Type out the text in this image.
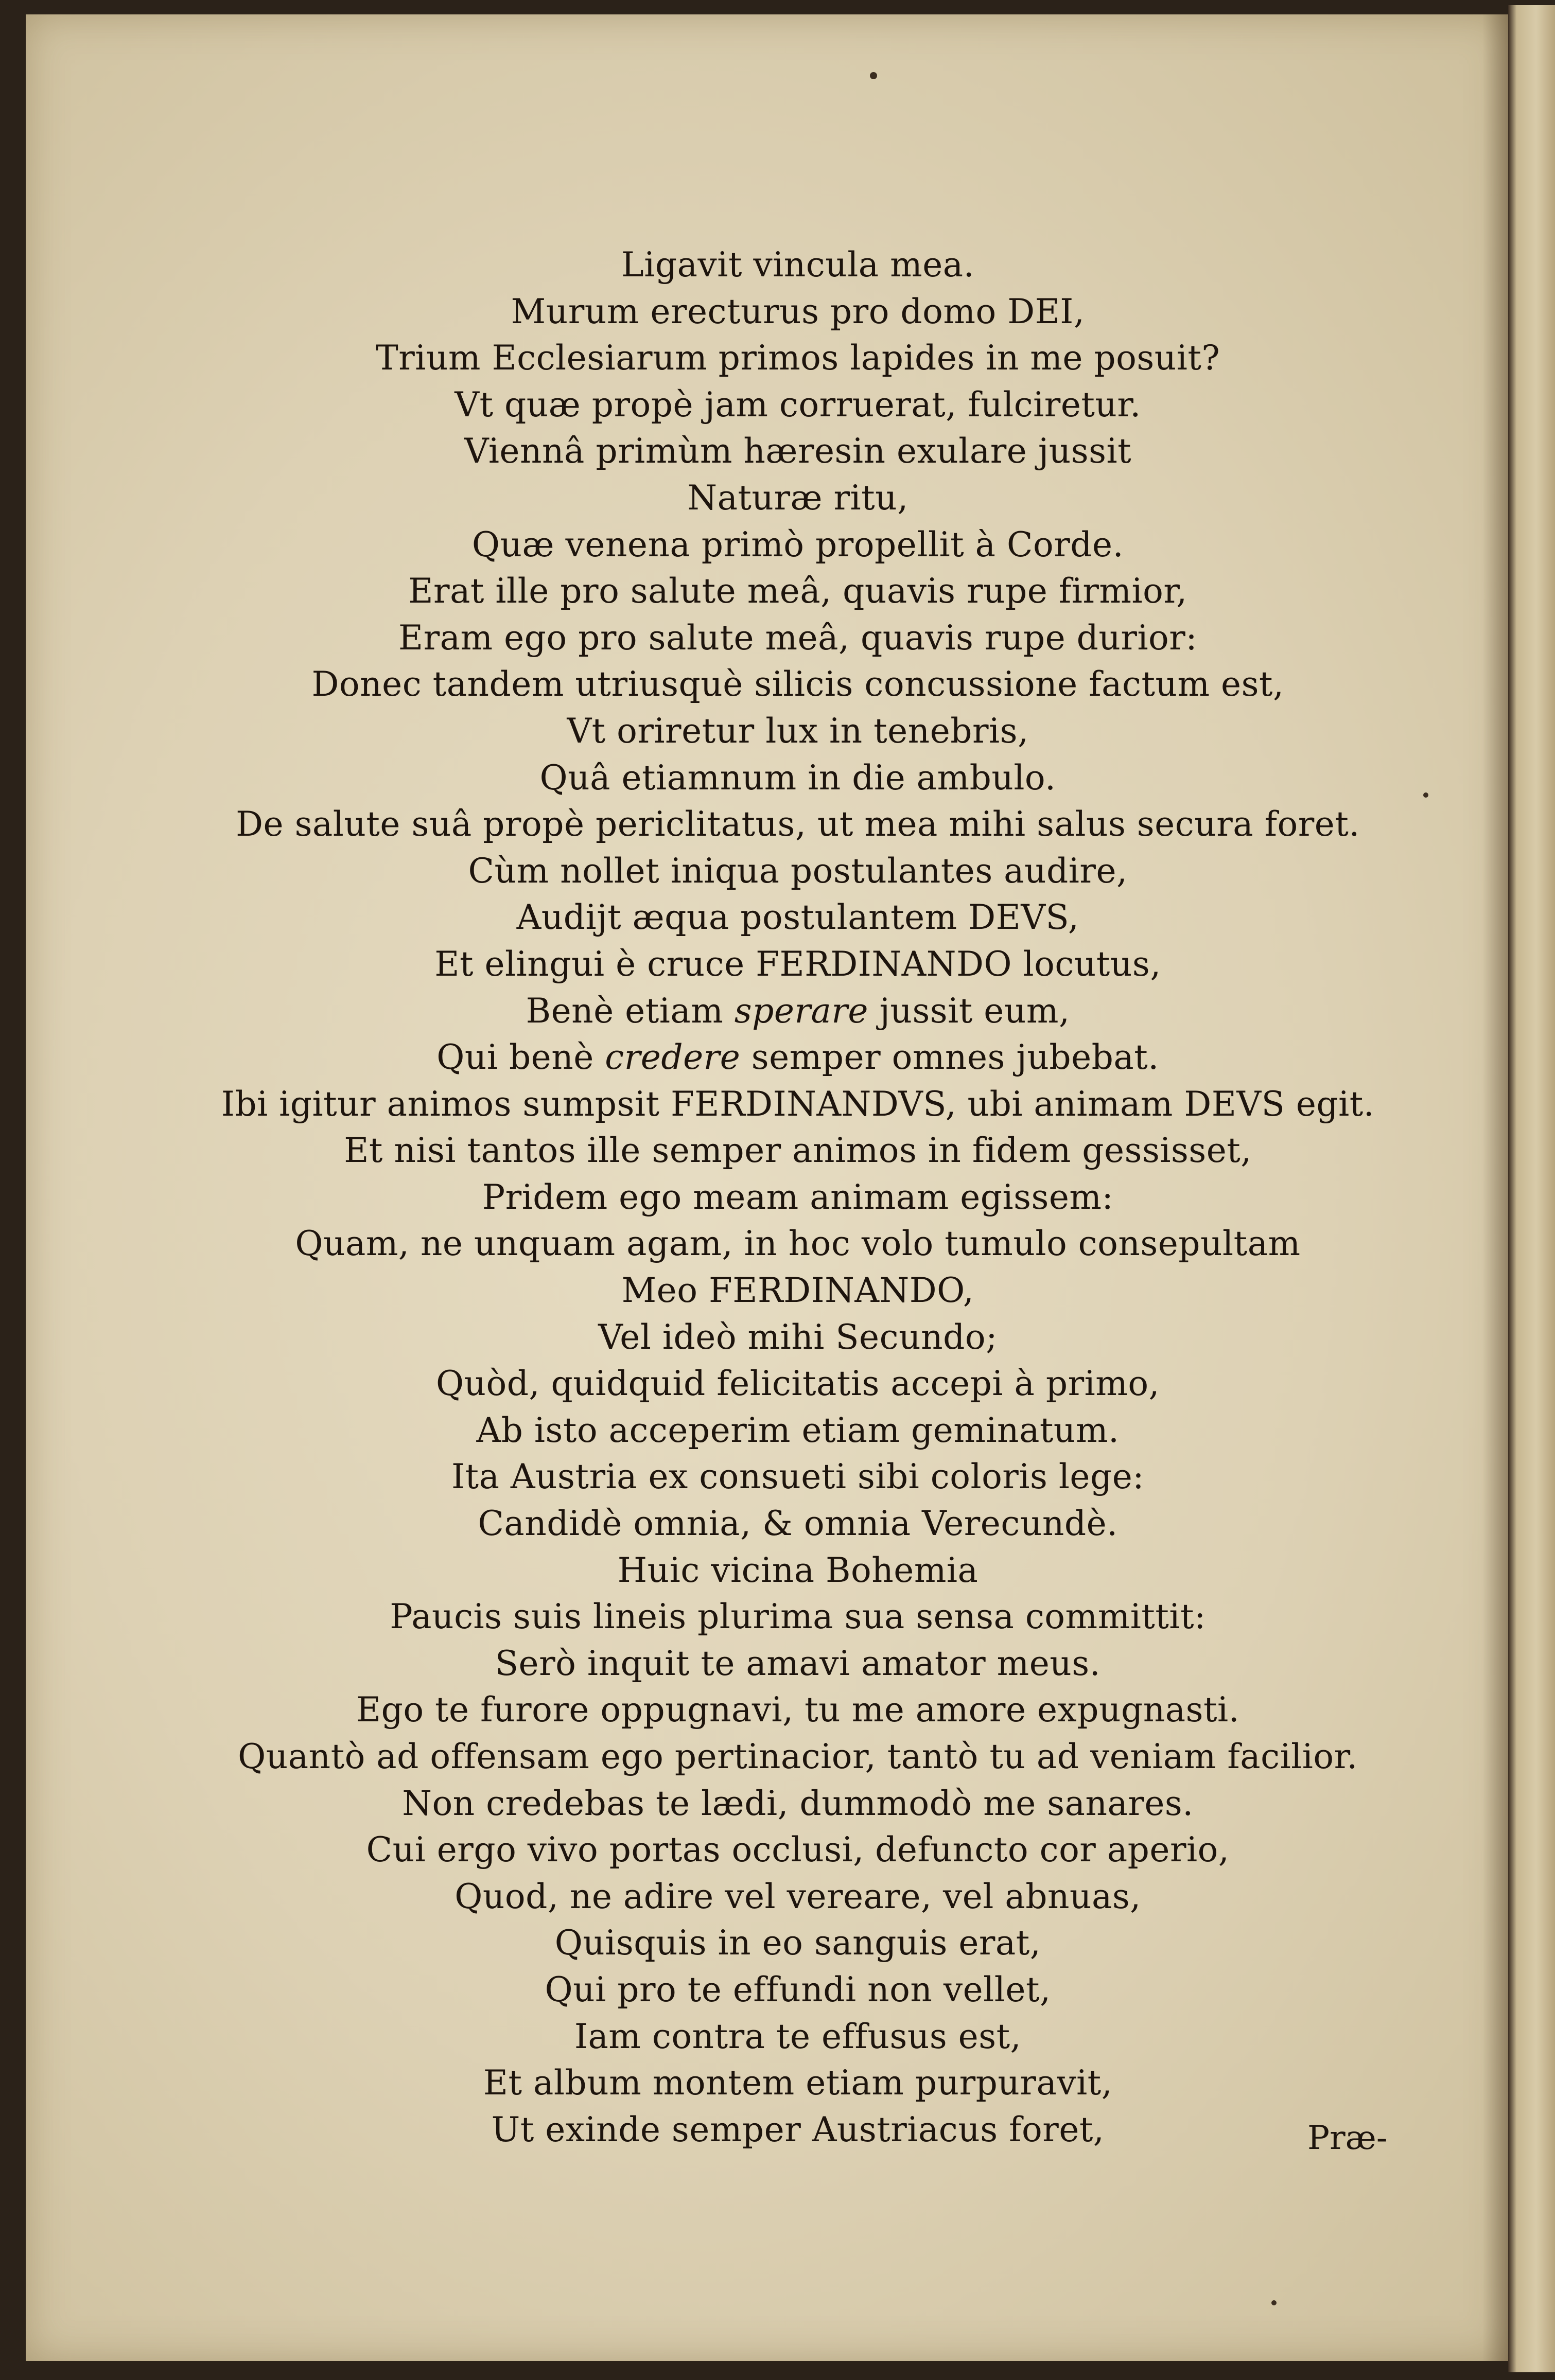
Ligavit vincula mea.
Murum erecturus pro domo DEI,
Trium Ecclesiarum primos lapides in me posuit?
Vt quæ propè jam corruerat, fulciretur.
Viennâ primùm hæresin exulare jussit
Naturæ ritu,
Quæ venena primò propellit à Corde.
Erat ille pro salute meâ, quavis rupe firmior,
Eram ego pro salute meâ, quavis rupe durior:
Donec tandem utriusquè silicis concussione factum est,
Vt oriretur lux in tenebris,
Quâ etiamnum in die ambulo.
De salute suâ propè periclitatus, ut mea mihi salus secura foret.
Cùm nollet iniqua postulantes audire,
Audijt æqua postulantem DEVS,
Et elingui è cruce FERDINANDO locutus,
Benè etiam sperare jussit eum,
Qui benè credere semper omnes jubebat.
Ibi igitur animos sumpsit FERDINANDVS, ubi animam DEVS egit.
Et nisi tantos ille semper animos in fidem gessisset,
Pridem ego meam animam egissem:
Quam, ne unquam agam, in hoc volo tumulo consepultam
Meo FERDINANDO,
Vel ideò mihi Secundo;
Quòd, quidquid felicitatis accepi à primo,
Ab isto acceperim etiam geminatum.
Ita Austria ex consueti sibi coloris lege:
Candidè omnia, & omnia Verecundè.
Huic vicina Bohemia
Paucis suis lineis plurima sua sensa committit:
Serò inquit te amavi amator meus.
Ego te furore oppugnavi, tu me amore expugnasti.
Quantò ad offensam ego pertinacior, tantò tu ad veniam facilior.
Non credebas te lædi, dummodò me sanares.
Cui ergo vivo portas occlusi, defuncto cor aperio,
Quod, ne adire vel vereare, vel abnuas,
Quisquis in eo sanguis erat,
Qui pro te effundi non vellet,
Iam contra te effusus est,
Et album montem etiam purpuravit,
Ut exinde semper Austriacus foret,	Præ-
